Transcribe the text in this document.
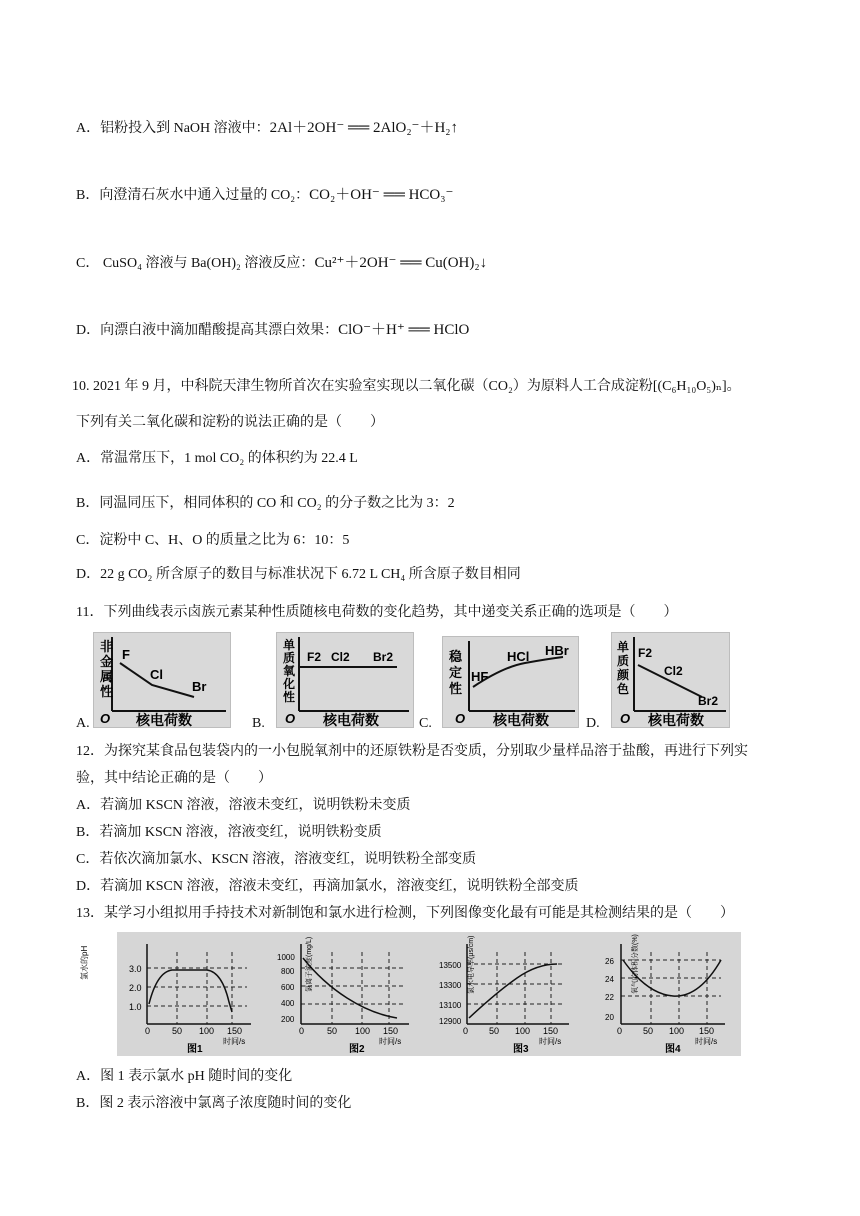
A．铝粉投入到 NaOH 溶液中：2Al＋2OH⁻ ══ 2AlO₂⁻＋H₂↑
B．向澄清石灰水中通入过量的 CO₂：CO₂＋OH⁻ ══ HCO₃⁻
C． CuSO₄ 溶液与 Ba(OH)₂ 溶液反应：Cu²⁺＋2OH⁻ ══ Cu(OH)₂↓
D．向漂白液中滴加醋酸提高其漂白效果：ClO⁻＋H⁺ ══ HClO
10. 2021 年 9 月，中科院天津生物所首次在实验室实现以二氧化碳（CO₂）为原料人工合成淀粉[(C₆H₁₀O₅)ₙ]。
下列有关二氧化碳和淀粉的说法正确的是（　　）
A．常温常压下，1 mol CO₂ 的体积约为 22.4 L
B．同温同压下，相同体积的 CO 和 CO₂ 的分子数之比为 3：2
C．淀粉中 C、H、O 的质量之比为 6：10：5
D．22 g CO₂ 所含原子的数目与标准状况下 6.72 L CH₄ 所含原子数目相同
11．下列曲线表示卤族元素某种性质随核电荷数的变化趋势，其中递变关系正确的选项是（　　）
A.
非
金
属
性
F
Cl
Br
O 核电荷数	B.
单
质
氧
化
性
F2 Cl2 Br2
O 核电荷数	C.
稳
定
性
HF
HCl HBr
O 核电荷数	D.
单
质
颜
色
F2
Cl2
Br2
O 核电荷数
12．为探究某食品包装袋内的一小包脱氧剂中的还原铁粉是否变质，分别取少量样品溶于盐酸，再进行下列实
验，其中结论正确的是（　　）
A．若滴加 KSCN 溶液，溶液未变红，说明铁粉未变质
B．若滴加 KSCN 溶液，溶液变红，说明铁粉变质
C．若依次滴加氯水、KSCN 溶液，溶液变红，说明铁粉全部变质
D．若滴加 KSCN 溶液，溶液未变红，再滴加氯水，溶液变红，说明铁粉全部变质
13．某学习小组拟用手持技术对新制饱和氯水进行检测，下列图像变化最有可能是其检测结果的是（　　）
3.0
2.0
1.0
氯水的pH
0 50 100 150
时间/s
图1
1000
800
600
400
200
氯离子浓度(mg/L)
0	50 100 150
时间/s
图2
13500
13300
13100
12900
氯水电导率(μs/cm)
0 50 100 150
时间/s
图3
26
24
22
20
氧气的体积分数(%)
0 50 100 150
时间/s
图4
A．图 1 表示氯水 pH 随时间的变化
B．图 2 表示溶液中氯离子浓度随时间的变化
